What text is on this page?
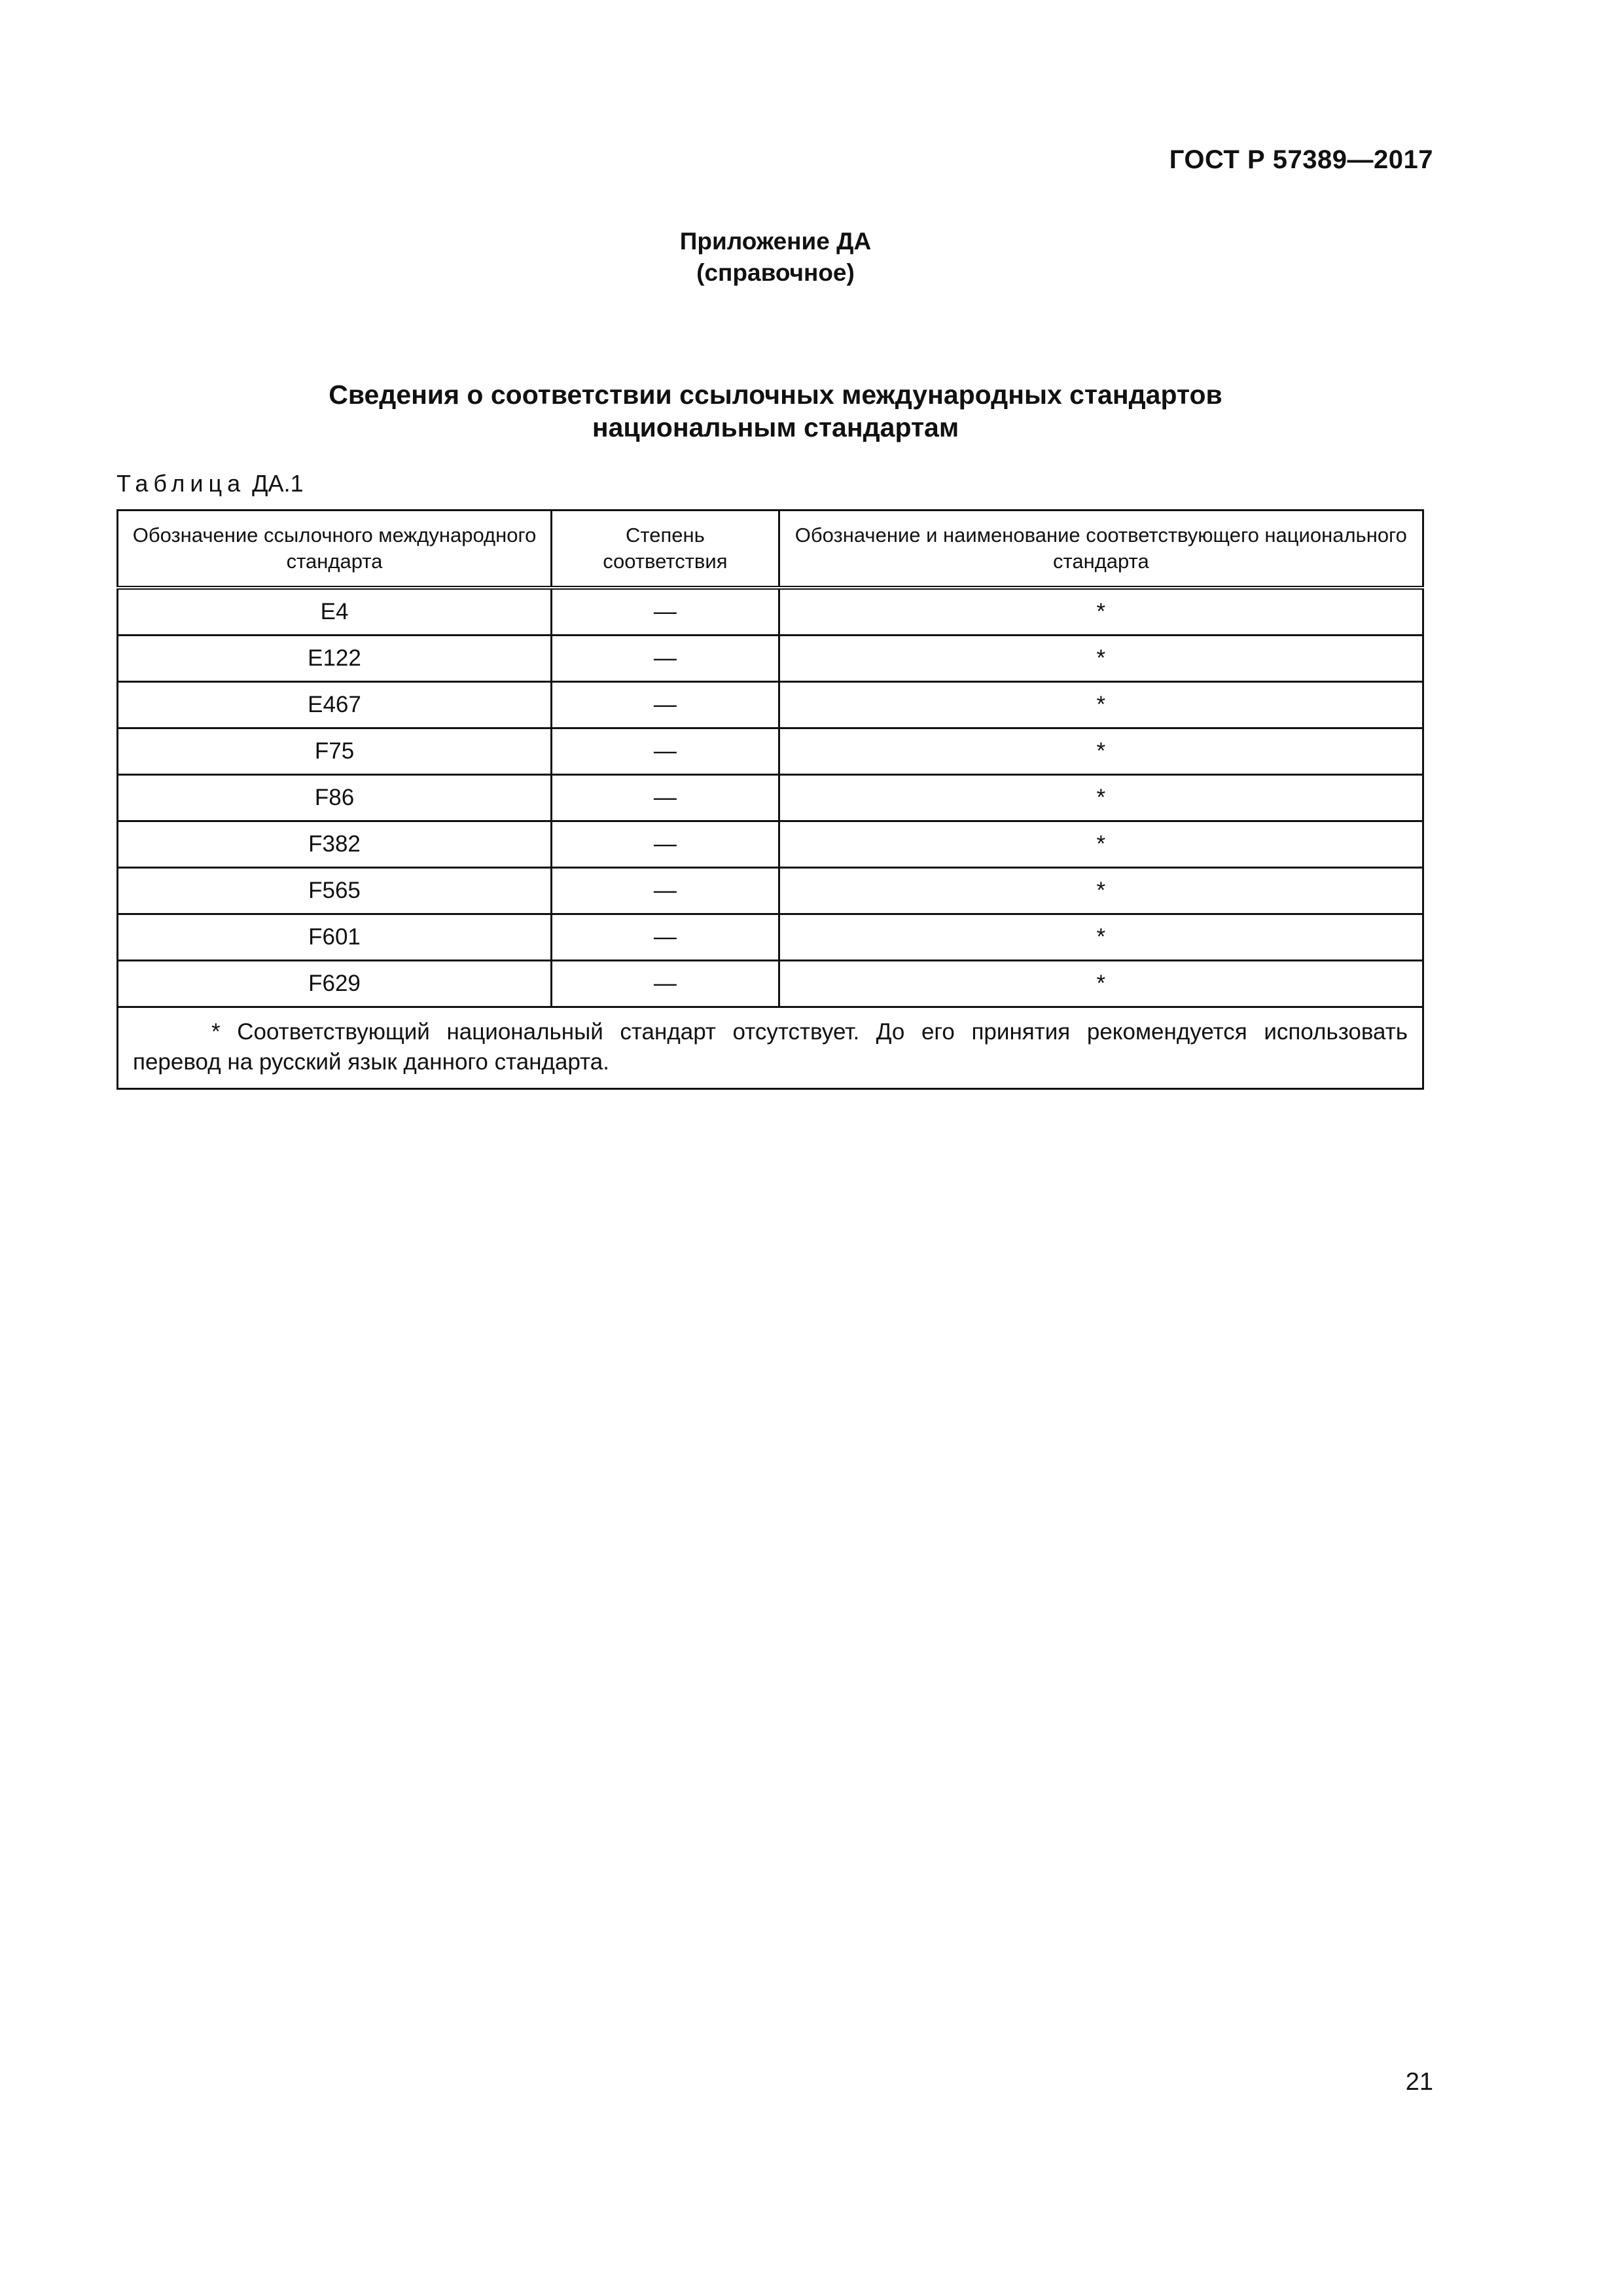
ГОСТ Р 57389—2017
Приложение ДА
(справочное)
Сведения о соответствии ссылочных международных стандартов
национальным стандартам
Таблица ДА.1
Обозначение ссылочного международного стандарта	Степень соответствия	Обозначение и наименование соответствующего национального стандарта
E4	—	*
E122	—	*
E467	—	*
F75	—	*
F86	—	*
F382	—	*
F565	—	*
F601	—	*
F629	—	*
* Соответствующий национальный стандарт отсутствует. До его принятия рекомендуется использовать перевод на русский язык данного стандарта.		
21
